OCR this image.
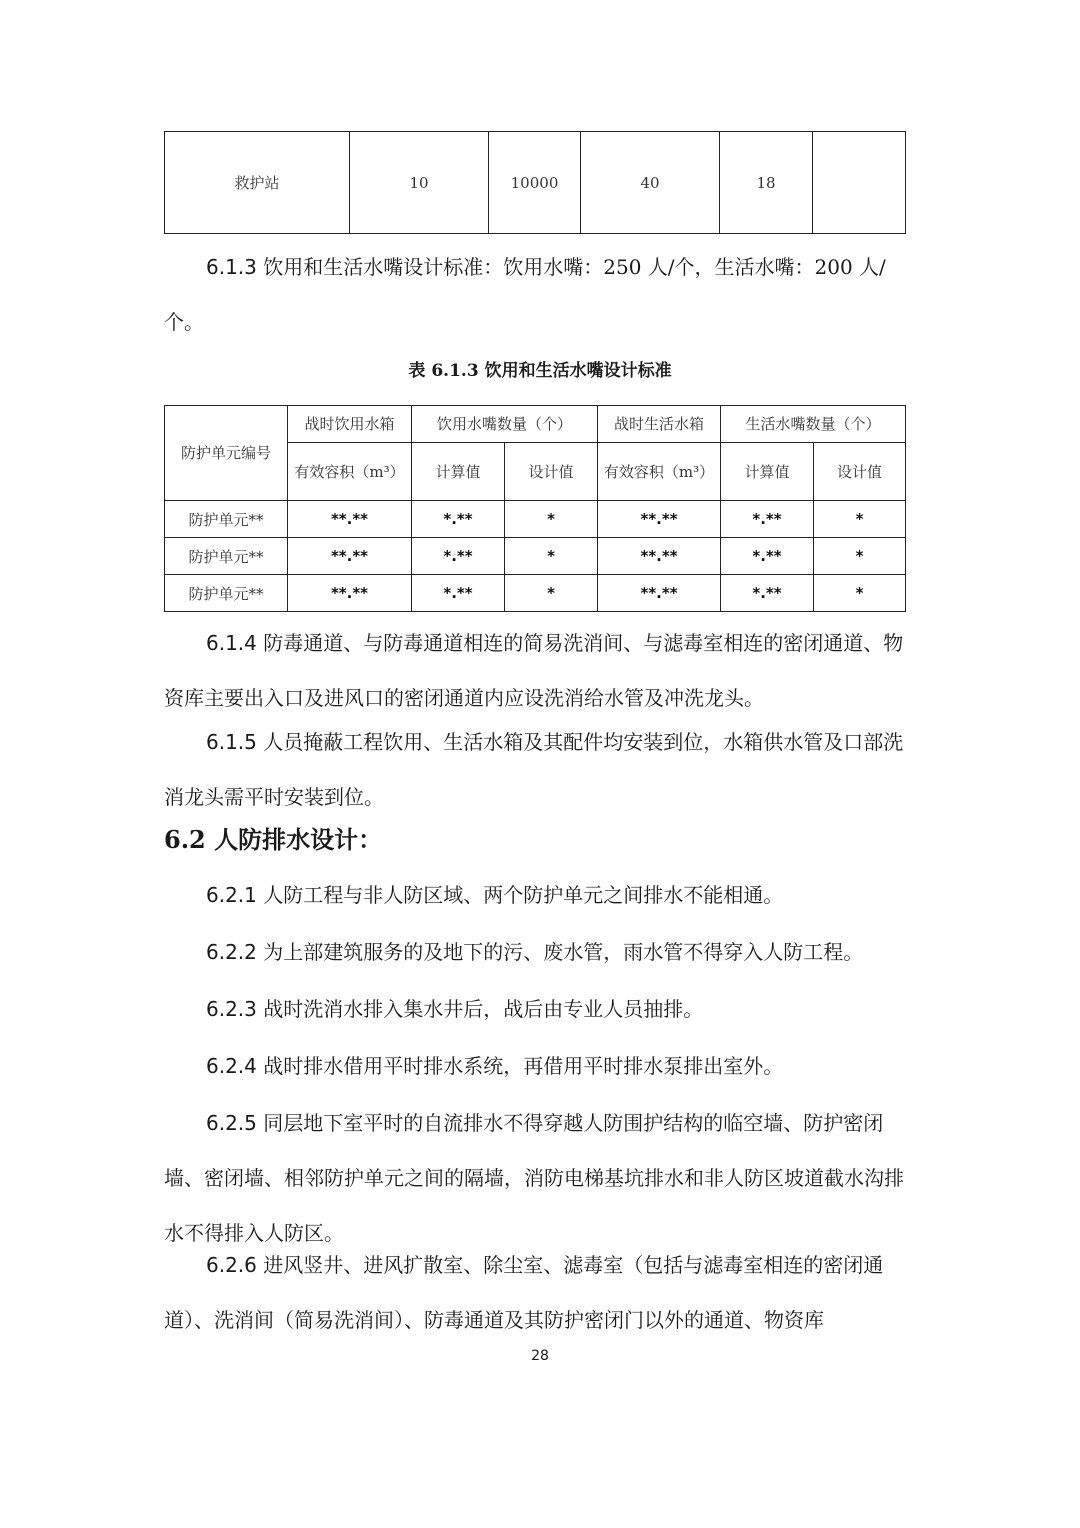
救护站	10	10000	40	18	

6.1.3 饮用和生活水嘴设计标准：饮用水嘴：250 人/个，生活水嘴：200 人/个。

表 6.1.3 饮用和生活水嘴设计标准
防护单元编号	战时饮用水箱	饮用水嘴数量（个）		战时生活水箱	生活水嘴数量（个）	
	有效容积（m³）	计算值	设计值	有效容积（m³）	计算值	设计值
防护单元**	**.**	*.**	*	**.**	*.**	*
防护单元**	**.**	*.**	*	**.**	*.**	*
防护单元**	**.**	*.**	*	**.**	*.**	*

6.1.4 防毒通道、与防毒通道相连的简易洗消间、与滤毒室相连的密闭通道、物资库主要出入口及进风口的密闭通道内应设洗消给水管及冲洗龙头。

6.1.5 人员掩蔽工程饮用、生活水箱及其配件均安装到位，水箱供水管及口部洗消龙头需平时安装到位。

6.2 人防排水设计：

6.2.1 人防工程与非人防区域、两个防护单元之间排水不能相通。

6.2.2 为上部建筑服务的及地下的污、废水管，雨水管不得穿入人防工程。

6.2.3 战时洗消水排入集水井后，战后由专业人员抽排。

6.2.4 战时排水借用平时排水系统，再借用平时排水泵排出室外。

6.2.5 同层地下室平时的自流排水不得穿越人防围护结构的临空墙、防护密闭墙、密闭墙、相邻防护单元之间的隔墙，消防电梯基坑排水和非人防区坡道截水沟排水不得排入人防区。

6.2.6 进风竖井、进风扩散室、除尘室、滤毒室（包括与滤毒室相连的密闭通道）、洗消间（简易洗消间）、防毒通道及其防护密闭门以外的通道、物资库

28
